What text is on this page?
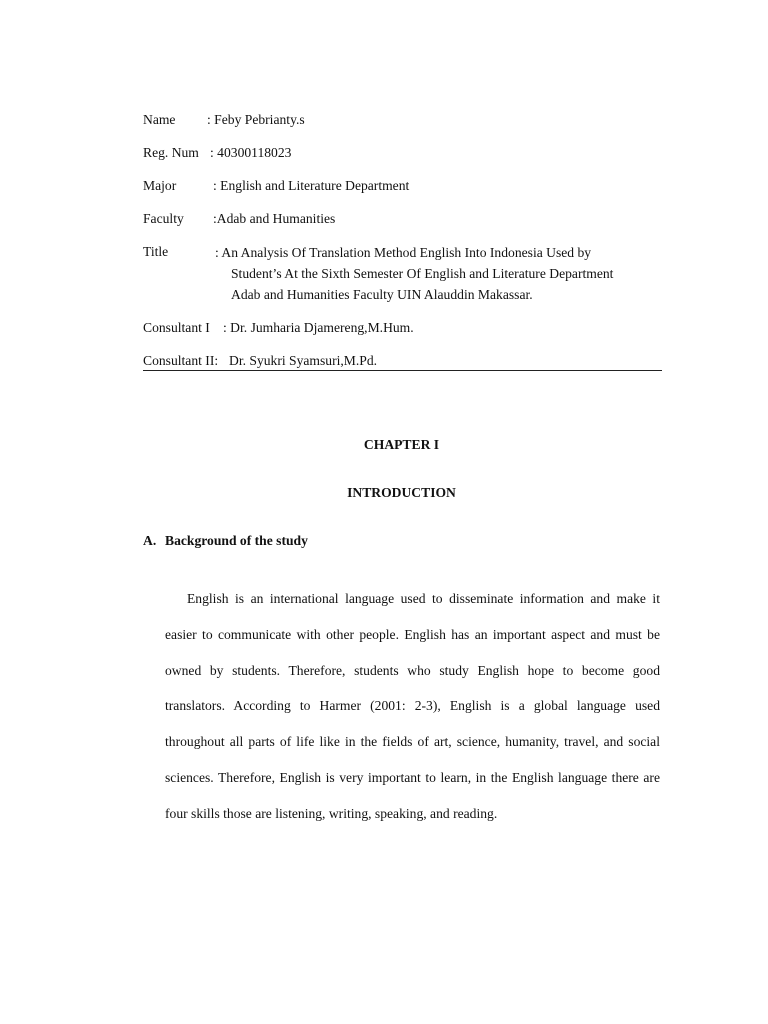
Name : Feby Pebrianty.s
Reg. Num : 40300118023
Major	: English and Literature Department
Faculty :Adab and Humanities
Title	: An Analysis Of Translation Method English Into Indonesia Used by
Student’s At the Sixth Semester Of English and Literature Department
Adab and Humanities Faculty UIN Alauddin Makassar.
Consultant I : Dr. Jumharia Djamereng,M.Hum.
Consultant II: Dr. Syukri Syamsuri,M.Pd.
CHAPTER I
INTRODUCTION
A. Background of the study

English is an international language used to disseminate information and make it easier to communicate with other people. English has an important aspect and must be owned by students. Therefore, students who study English hope to become good translators. According to Harmer (2001: 2-3), English is a global language used throughout all parts of life like in the fields of art, science, humanity, travel, and social sciences. Therefore, English is very important to learn, in the English language there are four skills those are listening, writing, speaking, and reading.
